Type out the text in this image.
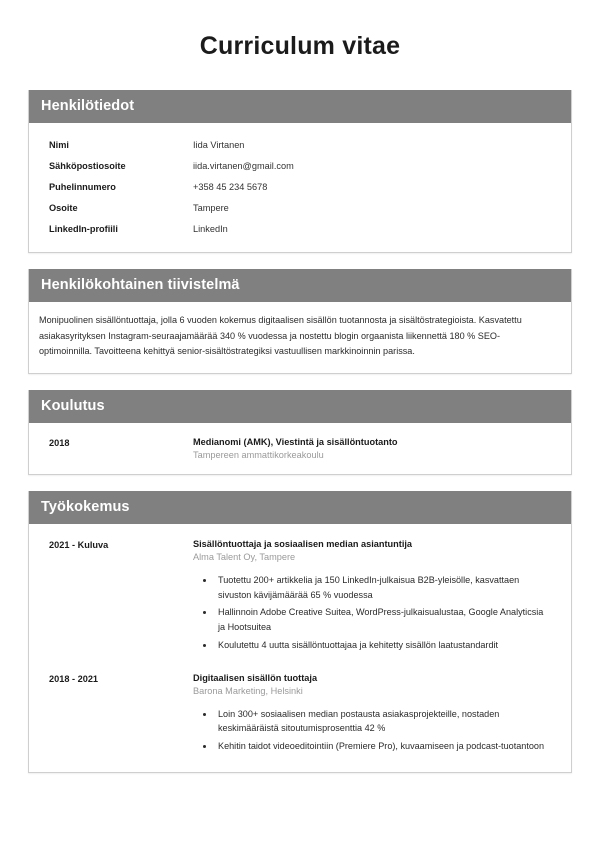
Curriculum vitae
Henkilötiedot
Nimi	Iida Virtanen
Sähköpostiosoite	iida.virtanen@gmail.com
Puhelinnumero	+358 45 234 5678
Osoite	Tampere
LinkedIn-profiili	LinkedIn
Henkilökohtainen tiivistelmä

Monipuolinen sisällöntuottaja, jolla 6 vuoden kokemus digitaalisen sisällön tuotannosta ja sisältöstrategioista. Kasvatettu asiakasyrityksen Instagram-seuraajamäärää 340 % vuodessa ja nostettu blogin orgaanista liikennettä 180 % SEO-optimoinnilla. Tavoitteena kehittyä senior-sisältöstrategiksi vastuullisen markkinoinnin parissa.

Koulutus
2018	Medianomi (AMK), Viestintä ja sisällöntuotanto

Tampereen ammattikorkeakoulu

Työkokemus
2021 - Kuluva	Sisällöntuottaja ja sosiaalisen median asiantuntija

Alma Talent Oy, Tampere

• Tuotettu 200+ artikkelia ja 150 LinkedIn-julkaisua B2B-yleisölle, kasvattaen sivuston kävijämäärää 65 % vuodessa
• Hallinnoin Adobe Creative Suitea, WordPress-julkaisualustaa, Google Analyticsia ja Hootsuitea
• Koulutettu 4 uutta sisällöntuottajaa ja kehitetty sisällön laatustandardit
2018 - 2021	Digitaalisen sisällön tuottaja

Barona Marketing, Helsinki

• Loin 300+ sosiaalisen median postausta asiakasprojekteille, nostaden keskimääräistä sitoutumisprosenttia 42 %
• Kehitin taidot videoeditointiin (Premiere Pro), kuvaamiseen ja podcast-tuotantoon
